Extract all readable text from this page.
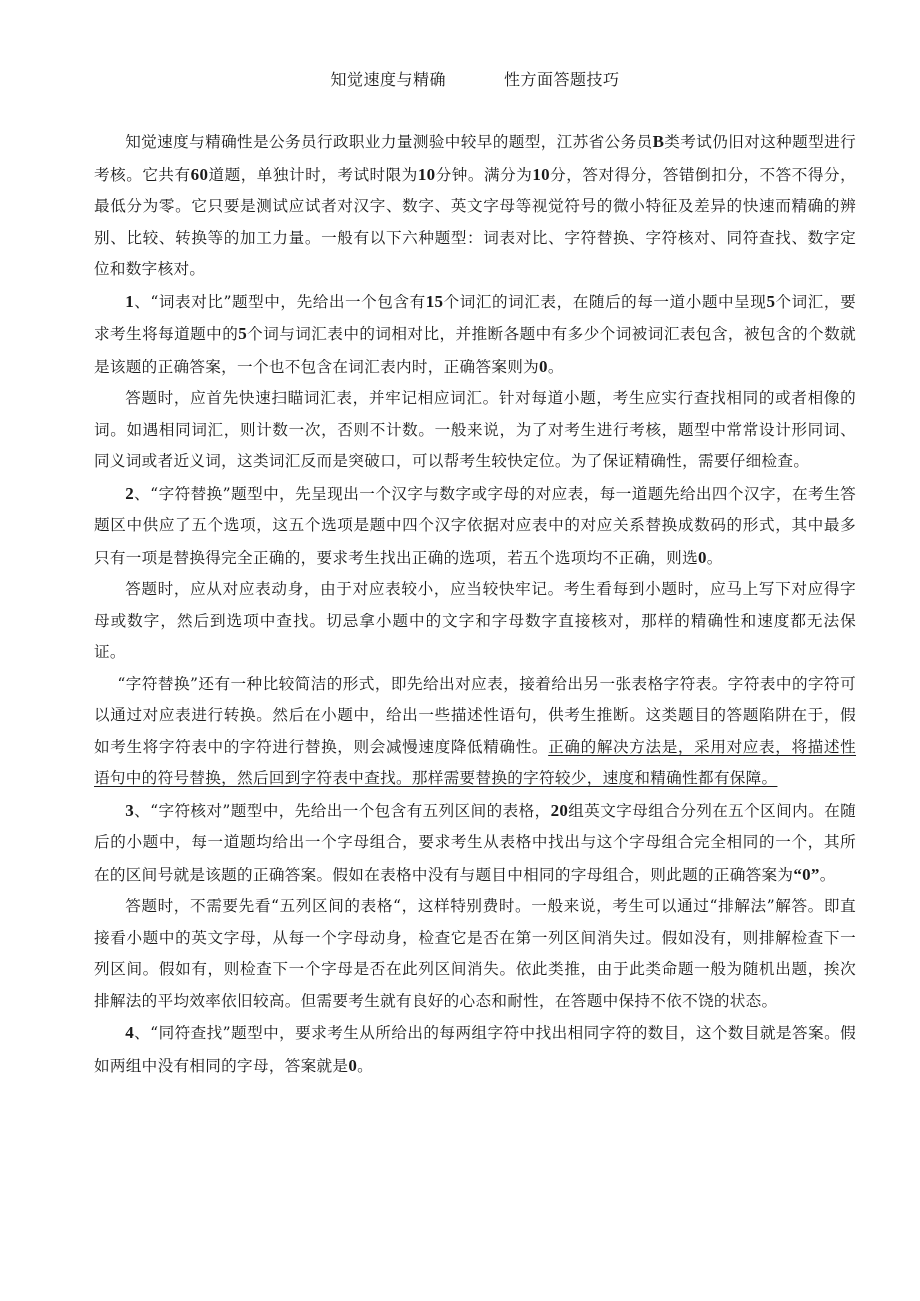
知觉速度与精确	性方面答题技巧

知觉速度与精确性是公务员行政职业力量测验中较早的题型，江苏省公务员B类考试仍旧对这种题型进行考核。它共有60道题，单独计时，考试时限为10分钟。满分为10分，答对得分，答错倒扣分，不答不得分，最低分为零。它只要是测试应试者对汉字、数字、英文字母等视觉符号的微小特征及差异的快速而精确的辨别、比较、转换等的加工力量。一般有以下六种题型：词表对比、字符替换、字符核对、同符查找、数字定位和数字核对。

1、“词表对比”题型中，先给出一个包含有15个词汇的词汇表，在随后的每一道小题中呈现5个词汇，要求考生将每道题中的5个词与词汇表中的词相对比，并推断各题中有多少个词被词汇表包含，被包含的个数就是该题的正确答案，一个也不包含在词汇表内时，正确答案则为0。

答题时，应首先快速扫瞄词汇表，并牢记相应词汇。针对每道小题，考生应实行查找相同的或者相像的词。如遇相同词汇，则计数一次，否则不计数。一般来说，为了对考生进行考核，题型中常常设计形同词、同义词或者近义词，这类词汇反而是突破口，可以帮考生较快定位。为了保证精确性，需要仔细检查。

2、“字符替换”题型中，先呈现出一个汉字与数字或字母的对应表，每一道题先给出四个汉字，在考生答题区中供应了五个选项，这五个选项是题中四个汉字依据对应表中的对应关系替换成数码的形式，其中最多只有一项是替换得完全正确的，要求考生找出正确的选项，若五个选项均不正确，则选0。

答题时，应从对应表动身，由于对应表较小，应当较快牢记。考生看每到小题时，应马上写下对应得字母或数字，然后到选项中查找。切忌拿小题中的文字和字母数字直接核对，那样的精确性和速度都无法保证。

“字符替换”还有一种比较简洁的形式，即先给出对应表，接着给出另一张表格字符表。字符表中的字符可以通过对应表进行转换。然后在小题中，给出一些描述性语句，供考生推断。这类题目的答题陷阱在于，假如考生将字符表中的字符进行替换，则会减慢速度降低精确性。正确的解决方法是，采用对应表，将描述性语句中的符号替换，然后回到字符表中查找。那样需要替换的字符较少，速度和精确性都有保障。

3、“字符核对”题型中，先给出一个包含有五列区间的表格，20组英文字母组合分列在五个区间内。在随后的小题中，每一道题均给出一个字母组合，要求考生从表格中找出与这个字母组合完全相同的一个，其所在的区间号就是该题的正确答案。假如在表格中没有与题目中相同的字母组合，则此题的正确答案为“0”。

答题时，不需要先看“五列区间的表格“，这样特别费时。一般来说，考生可以通过“排解法”解答。即直接看小题中的英文字母，从每一个字母动身，检查它是否在第一列区间消失过。假如没有，则排解检查下一列区间。假如有，则检查下一个字母是否在此列区间消失。依此类推，由于此类命题一般为随机出题，挨次排解法的平均效率依旧较高。但需要考生就有良好的心态和耐性，在答题中保持不依不饶的状态。

4、“同符查找”题型中，要求考生从所给出的每两组字符中找出相同字符的数目，这个数目就是答案。假如两组中没有相同的字母，答案就是0。
